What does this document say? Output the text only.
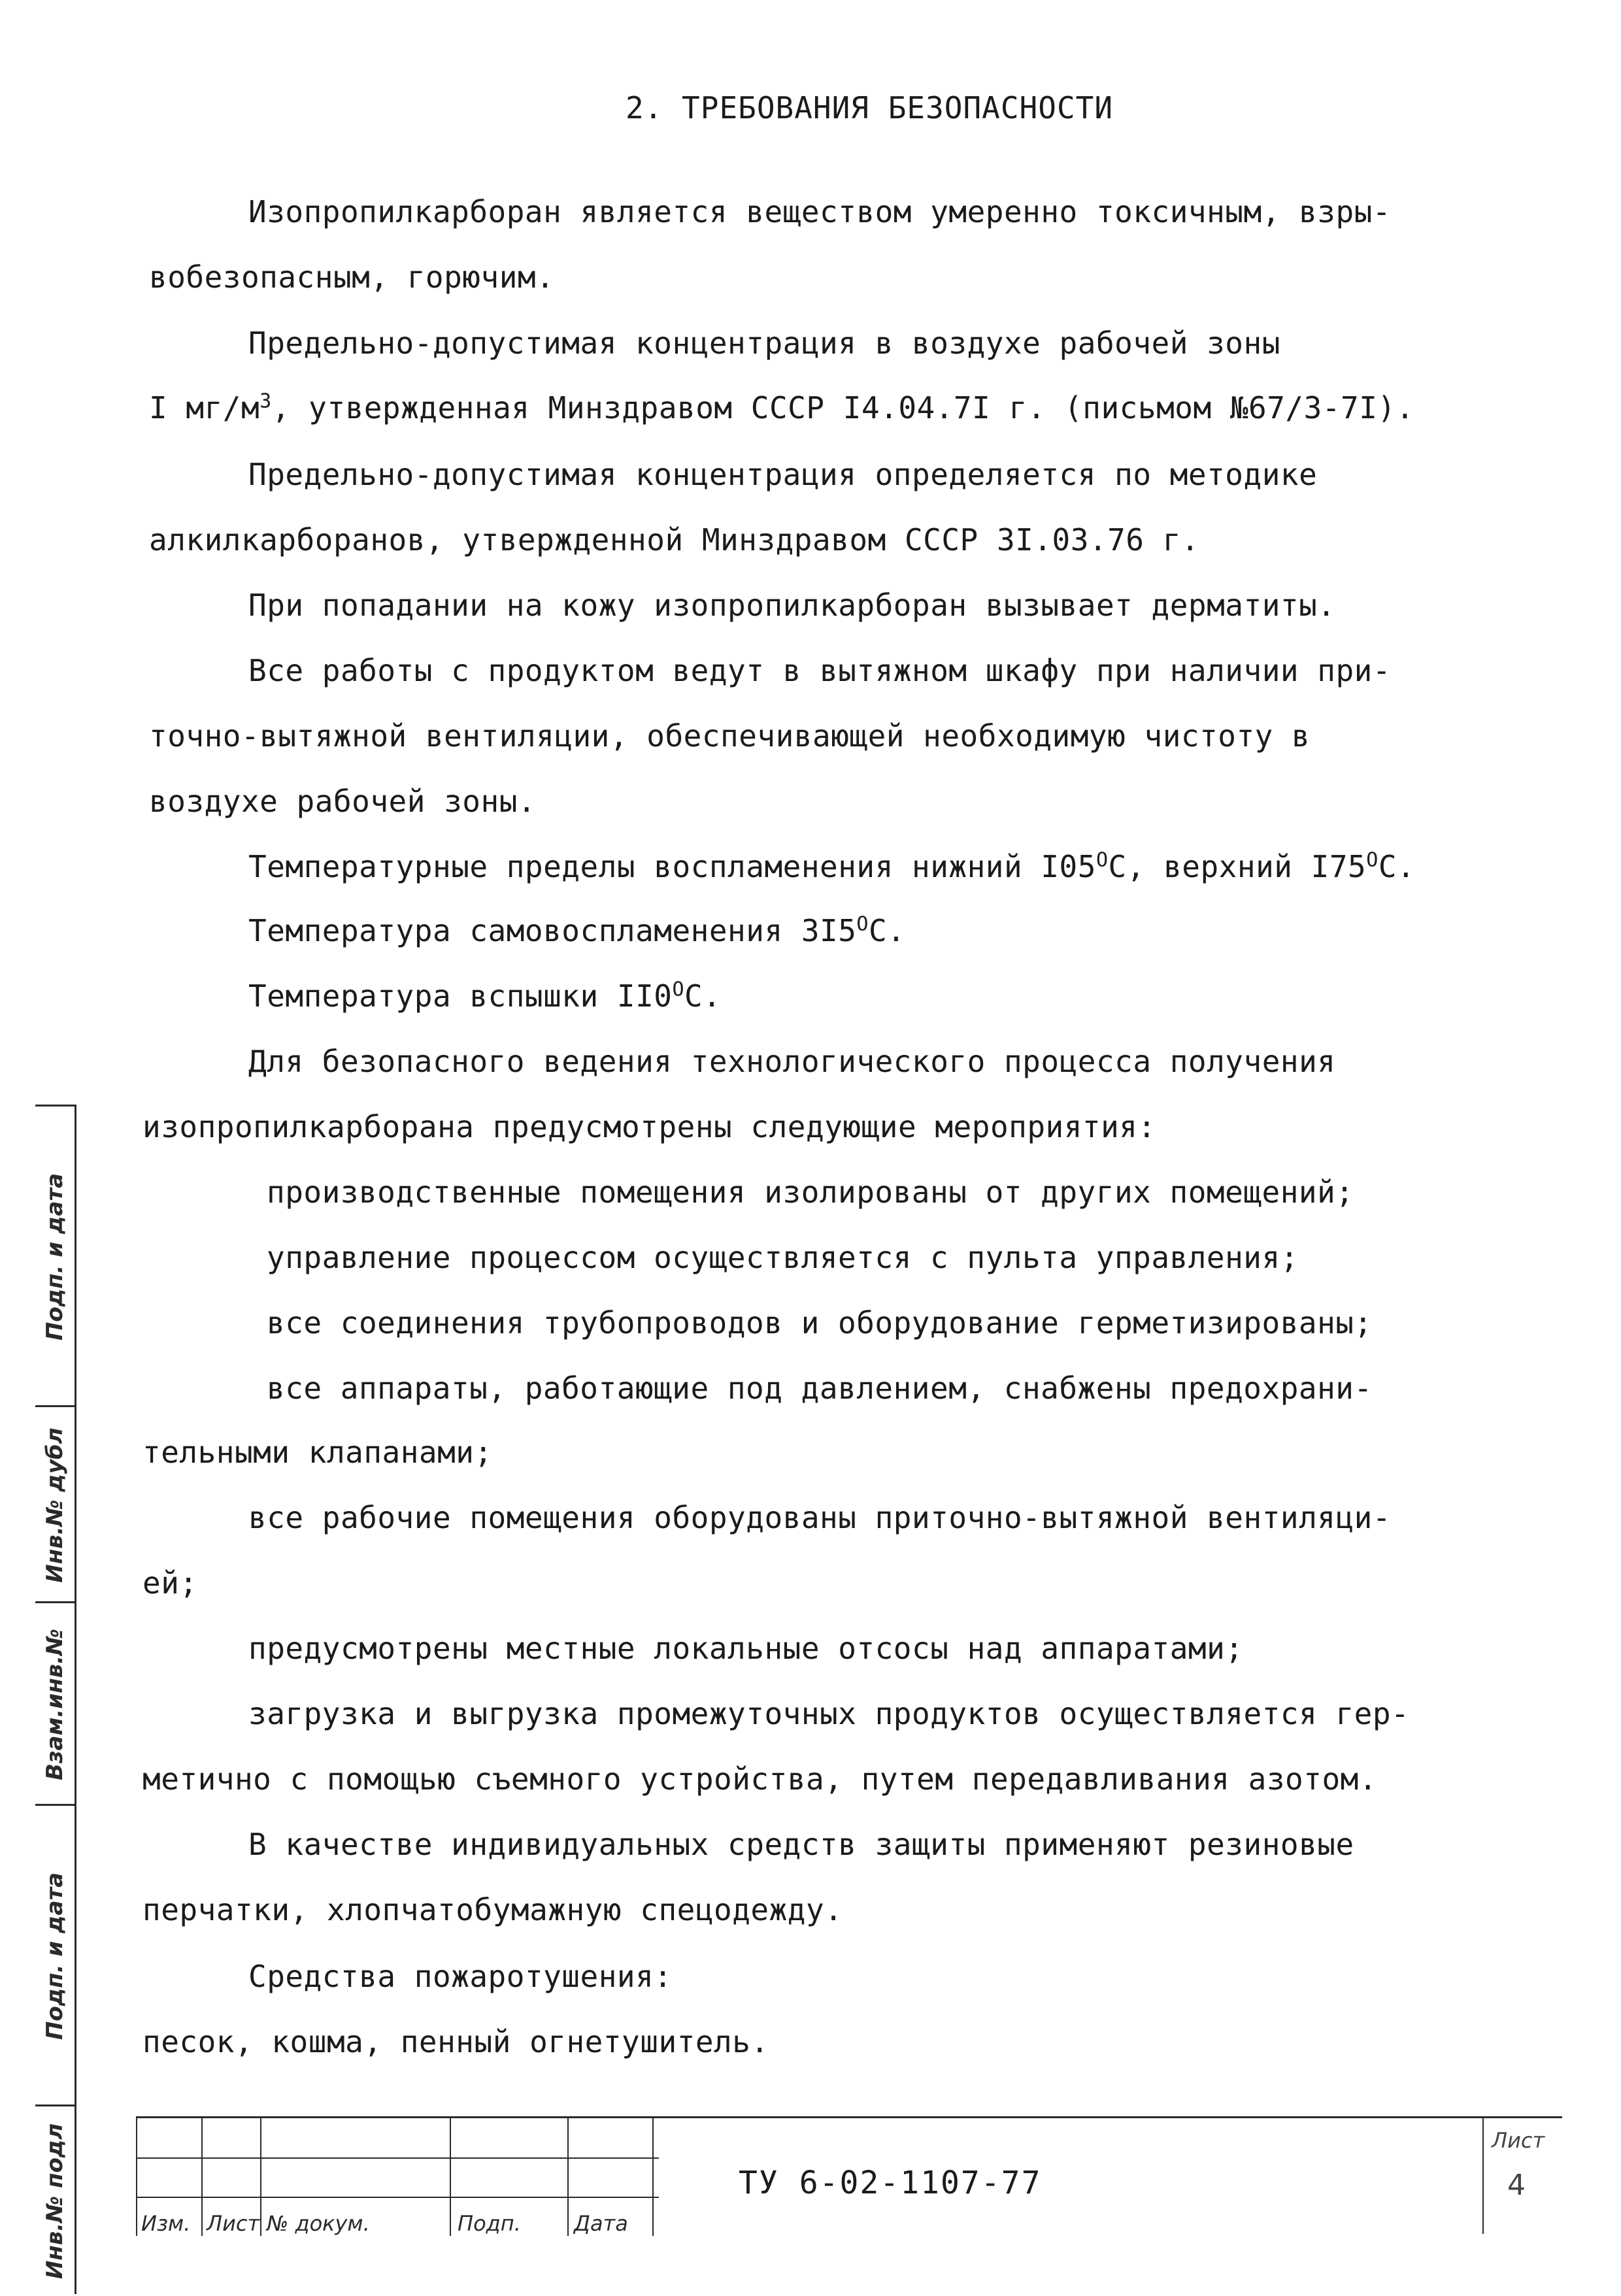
2. ТРЕБОВАНИЯ БЕЗОПАСНОСТИ
Изопропилкарборан является веществом умеренно токсичным, взры-
вобезопасным, горючим.
Предельно-допустимая концентрация в воздухе рабочей зоны
I $мг/м^3$, утвержденная Минздравом СССР I4.04.7I г. (письмом №67/3-7I).
Предельно-допустимая концентрация определяется по методике
алкилкарборанов, утвержденной Минздравом СССР 3I.03.76 г.
При попадании на кожу изопропилкарборан вызывает дерматиты.
Все работы с продуктом ведут в вытяжном шкафу при наличии при-
точно-вытяжной вентиляции, обеспечивающей необходимую чистоту в
воздухе рабочей зоны.
Температурные пределы воспламенения нижний $I05^ОС$, верхний $I75^ОС$.
Температура самовоспламенения $3I5^ОС$.
Температура вспышки $II0^ОС$.
Для безопасного ведения технологического процесса получения
изопропилкарборана предусмотрены следующие мероприятия:
производственные помещения изолированы от других помещений;
управление процессом осуществляется с пульта управления;
все соединения трубопроводов и оборудование герметизированы;
все аппараты, работающие под давлением, снабжены предохрани-
тельными клапанами;
все рабочие помещения оборудованы приточно-вытяжной вентиляци-
ей;
предусмотрены местные локальные отсосы над аппаратами;
загрузка и выгрузка промежуточных продуктов осуществляется гер-
метично с помощью съемного устройства, путем передавливания азотом.
В качестве индивидуальных средств защиты применяют резиновые
перчатки, хлопчатобумажную спецодежду.
Средства пожаротушения:
песок, кошма, пенный огнетушитель.
Подп. и дата
Инв.№ дубл
Взам.инв.№
Подп. и дата
Инв.№ подл	Изм. Лист № докум.	Подп.	Дата
ТУ 6-02-1107-77
Лист
4
